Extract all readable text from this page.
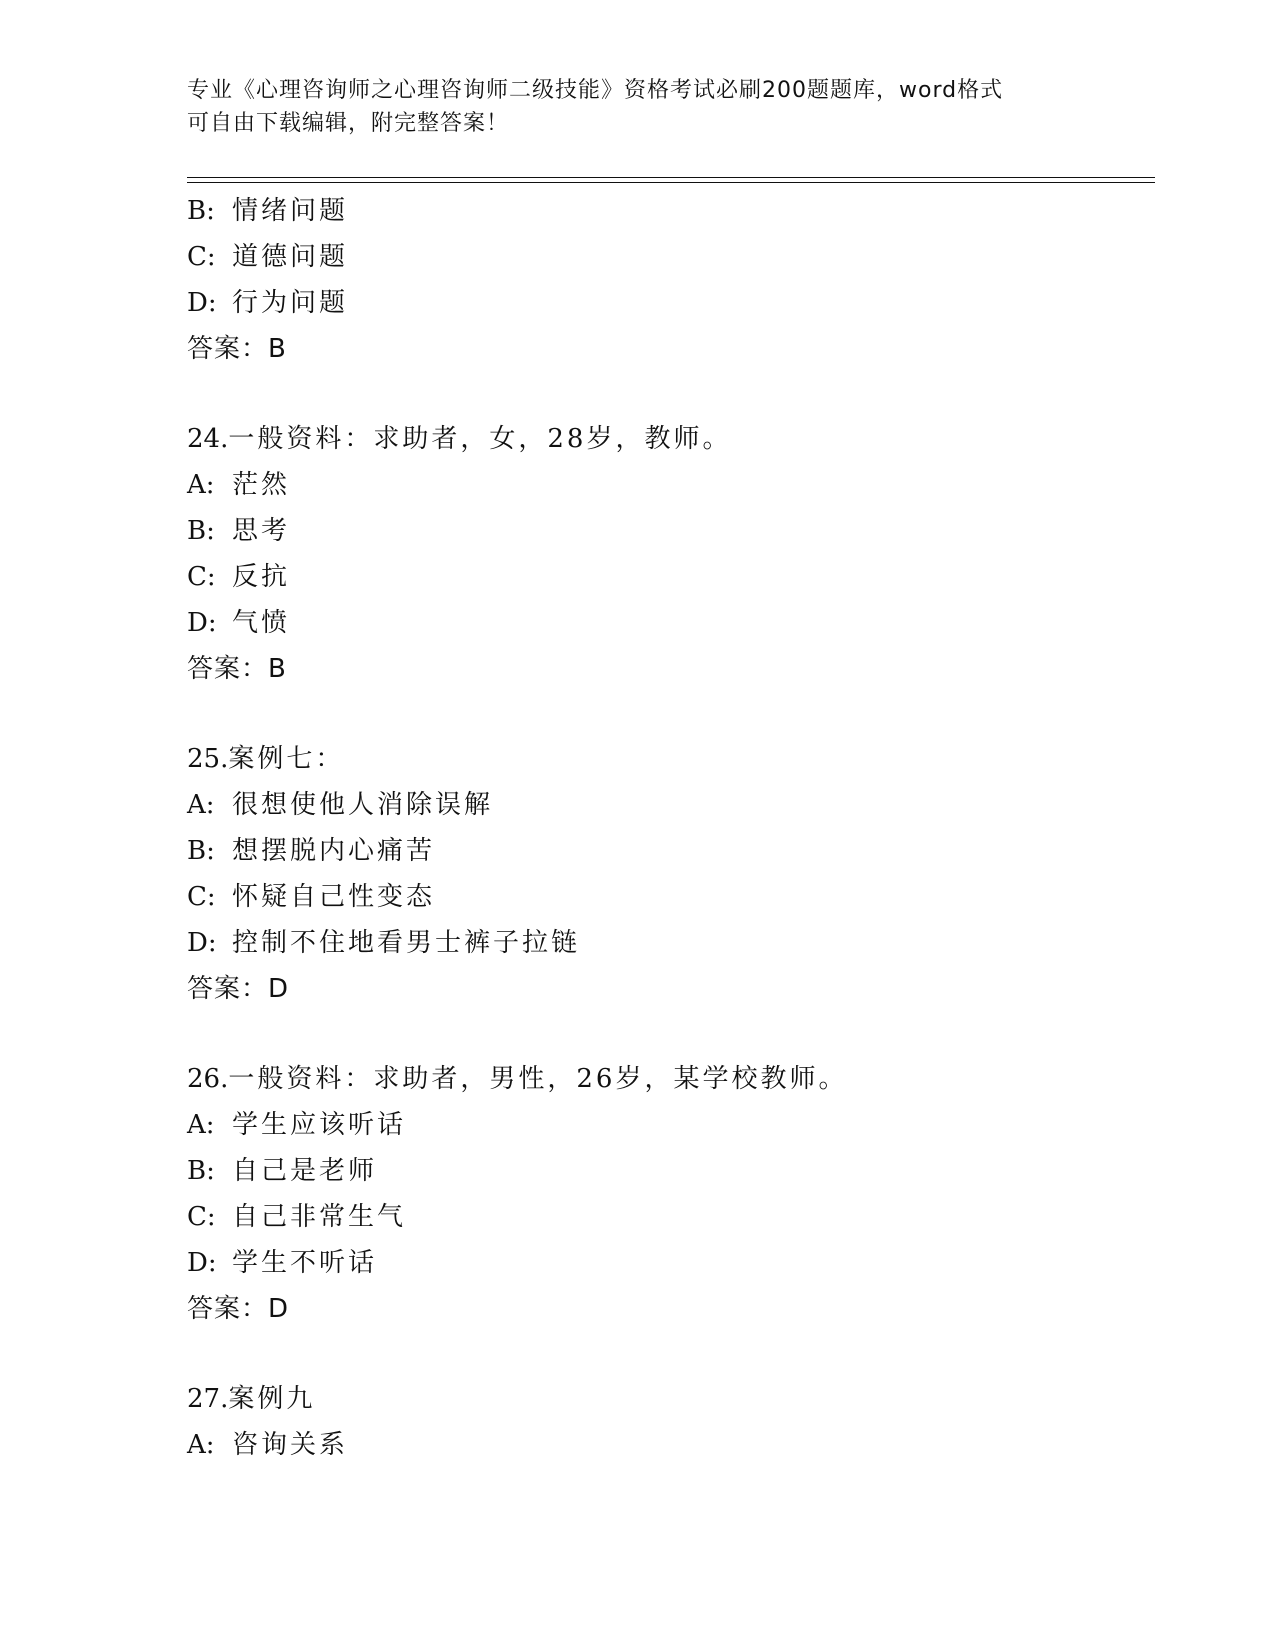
专业《心理咨询师之心理咨询师二级技能》资格考试必刷200题题库，word格式
可自由下载编辑，附完整答案！
B: 情绪问题
C: 道德问题
D: 行为问题
答案：B
24.一般资料：求助者，女，28岁，教师。
A: 茫然
B: 思考
C: 反抗
D: 气愤
答案：B
25.案例七：
A: 很想使他人消除误解
B: 想摆脱内心痛苦
C: 怀疑自己性变态
D: 控制不住地看男士裤子拉链
答案：D
26.一般资料：求助者，男性，26岁，某学校教师。
A: 学生应该听话
B: 自己是老师
C: 自己非常生气
D: 学生不听话
答案：D
27.案例九
A: 咨询关系
